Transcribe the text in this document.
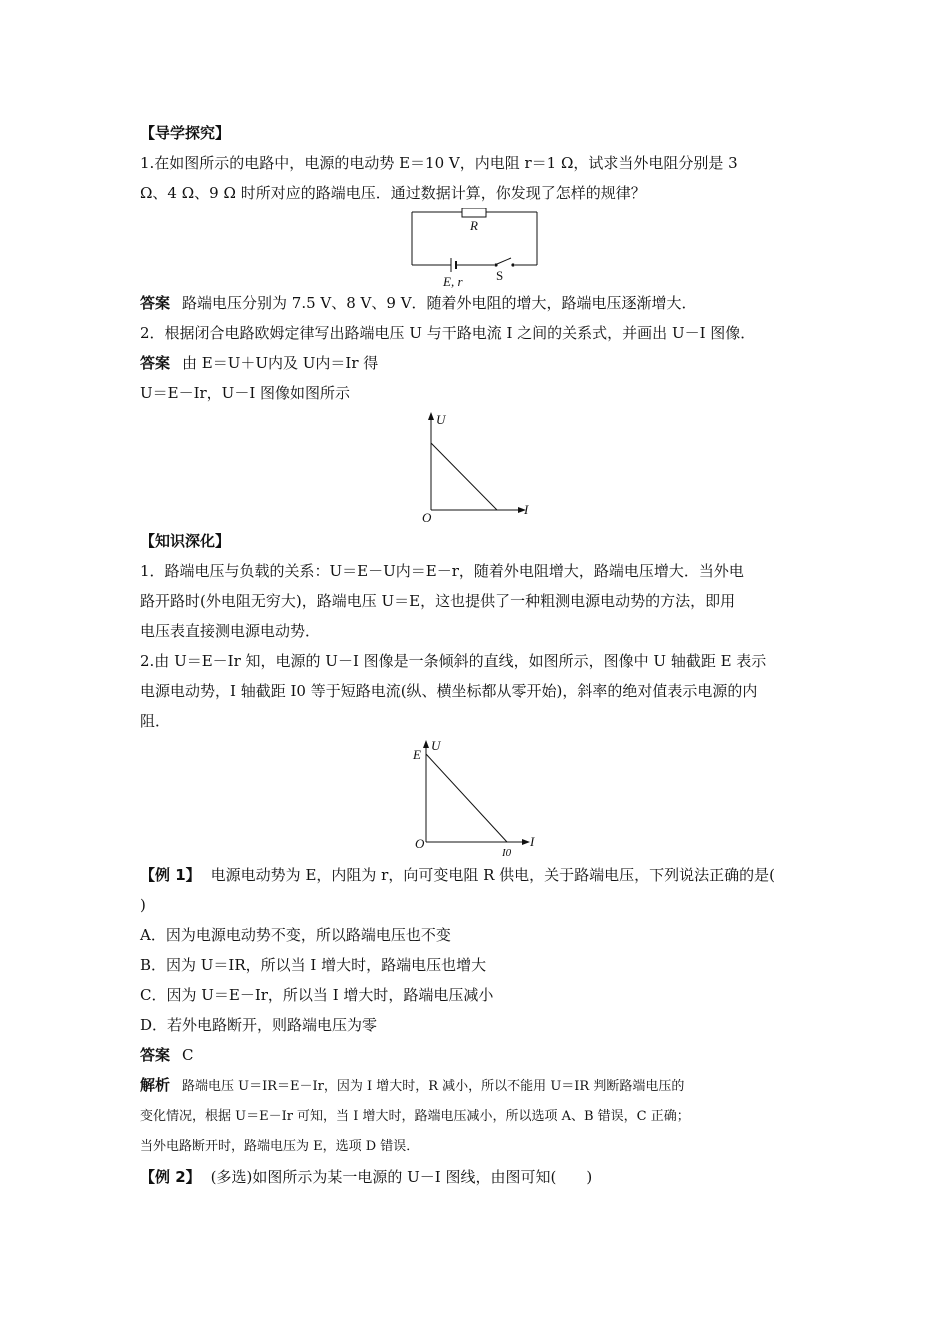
【导学探究】
1.在如图所示的电路中，电源的电动势 E＝10 V，内电阻 r＝1 Ω，试求当外电阻分别是 3
Ω、4 Ω、9 Ω 时所对应的路端电压．通过数据计算，你发现了怎样的规律？
R
E, r	S
答案 路端电压分别为 7.5 V、8 V、9 V．随着外电阻的增大，路端电压逐渐增大．
2．根据闭合电路欧姆定律写出路端电压 U 与干路电流 I 之间的关系式，并画出 U－I 图像．
答案 由 E＝U＋U内及 U内＝Ir 得
U＝E－Ir，U－I 图像如图所示
U
I
O
【知识深化】
1．路端电压与负载的关系：U＝E－U内＝E－r，随着外电阻增大，路端电压增大．当外电
路开路时(外电阻无穷大)，路端电压 U＝E，这也提供了一种粗测电源电动势的方法，即用
电压表直接测电源电动势．
2.由 U＝E－Ir 知，电源的 U－I 图像是一条倾斜的直线，如图所示，图像中 U 轴截距 E 表示
电源电动势，I 轴截距 I0 等于短路电流(纵、横坐标都从零开始)，斜率的绝对值表示电源的内
阻．
U
E
I
O
I0
【例 1】 电源电动势为 E，内阻为 r，向可变电阻 R 供电，关于路端电压，下列说法正确的是(
)
A．因为电源电动势不变，所以路端电压也不变
B．因为 U＝IR，所以当 I 增大时，路端电压也增大
C．因为 U＝E－Ir，所以当 I 增大时，路端电压减小
D．若外电路断开，则路端电压为零
答案 C
解析 路端电压 U＝IR＝E－Ir，因为 I 增大时，R 减小，所以不能用 U＝IR 判断路端电压的
变化情况，根据 U＝E－Ir 可知，当 I 增大时，路端电压减小，所以选项 A、B 错误，C 正确；
当外电路断开时，路端电压为 E，选项 D 错误．
【例 2】 (多选)如图所示为某一电源的 U－I 图线，由图可知(　　)
